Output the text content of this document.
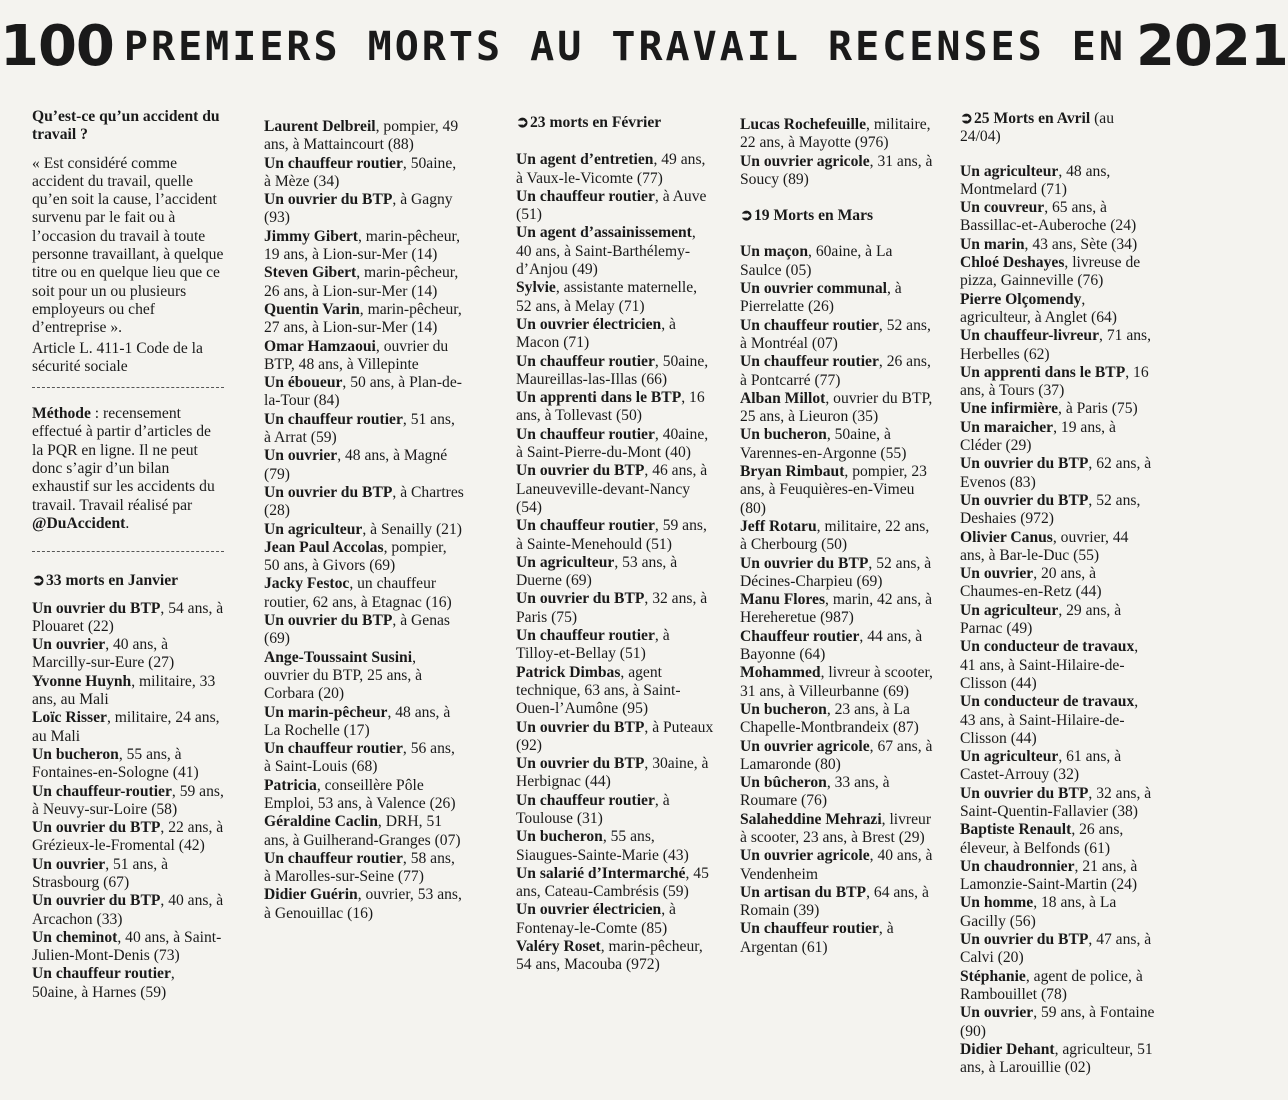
100 PREMIERS MORTS AU TRAVAIL RECENSES EN 2021

Qu’est-ce qu’un accident du travail ?

« Est considéré comme accident du travail, quelle qu’en soit la cause, l’accident survenu par le fait ou à l’occasion du travail à toute personne travaillant, à quelque titre ou en quelque lieu que ce soit pour un ou plusieurs employeurs ou chef d’entreprise ».

Article L. 411-1 Code de la sécurité sociale

Méthode : recensement effectué à partir d’articles de la PQR en ligne. Il ne peut donc s’agir d’un bilan exhaustif sur les accidents du travail. Travail réalisé par @DuAccident.

➲33 morts en Janvier

Un ouvrier du BTP, 54 ans, à Plouaret (22)

Un ouvrier, 40 ans, à Marcilly-sur-Eure (27)

Yvonne Huynh, militaire, 33 ans, au Mali

Loïc Risser, militaire, 24 ans, au Mali

Un bucheron, 55 ans, à Fontaines-en-Sologne (41)

Un chauffeur-routier, 59 ans, à Neuvy-sur-Loire (58)

Un ouvrier du BTP, 22 ans, à Grézieux-le-Fromental (42)

Un ouvrier, 51 ans, à Strasbourg (67)

Un ouvrier du BTP, 40 ans, à Arcachon (33)

Un cheminot, 40 ans, à Saint-Julien-Mont-Denis (73)

Un chauffeur routier, 50aine, à Harnes (59)

Laurent Delbreil, pompier, 49 ans, à Mattaincourt (88)

Un chauffeur routier, 50aine, à Mèze (34)

Un ouvrier du BTP, à Gagny (93)

Jimmy Gibert, marin-pêcheur, 19 ans, à Lion-sur-Mer (14)

Steven Gibert, marin-pêcheur, 26 ans, à Lion-sur-Mer (14)

Quentin Varin, marin-pêcheur, 27 ans, à Lion-sur-Mer (14)

Omar Hamzaoui, ouvrier du BTP, 48 ans, à Villepinte

Un éboueur, 50 ans, à Plan-de-la-Tour (84)

Un chauffeur routier, 51 ans, à Arrat (59)

Un ouvrier, 48 ans, à Magné (79)

Un ouvrier du BTP, à Chartres (28)

Un agriculteur, à Senailly (21)

Jean Paul Accolas, pompier, 50 ans, à Givors (69)

Jacky Festoc, un chauffeur routier, 62 ans, à Etagnac (16)

Un ouvrier du BTP, à Genas (69)

Ange-Toussaint Susini, ouvrier du BTP, 25 ans, à Corbara (20)

Un marin-pêcheur, 48 ans, à La Rochelle (17)

Un chauffeur routier, 56 ans, à Saint-Louis (68)

Patricia, conseillère Pôle Emploi, 53 ans, à Valence (26)

Géraldine Caclin, DRH, 51 ans, à Guilherand-Granges (07)

Un chauffeur routier, 58 ans, à Marolles-sur-Seine (77)

Didier Guérin, ouvrier, 53 ans, à Genouillac (16)

➲23 morts en Février

Un agent d’entretien, 49 ans, à Vaux-le-Vicomte (77)

Un chauffeur routier, à Auve (51)

Un agent d’assainissement, 40 ans, à Saint-Barthélemy-d’Anjou (49)

Sylvie, assistante maternelle, 52 ans, à Melay (71)

Un ouvrier électricien, à Macon (71)

Un chauffeur routier, 50aine, Maureillas-las-Illas (66)

Un apprenti dans le BTP, 16 ans, à Tollevast (50)

Un chauffeur routier, 40aine, à Saint-Pierre-du-Mont (40)

Un ouvrier du BTP, 46 ans, à Laneuveville-devant-Nancy (54)

Un chauffeur routier, 59 ans, à Sainte-Menehould (51)

Un agriculteur, 53 ans, à Duerne (69)

Un ouvrier du BTP, 32 ans, à Paris (75)

Un chauffeur routier, à Tilloy-et-Bellay (51)

Patrick Dimbas, agent technique, 63 ans, à Saint-Ouen-l’Aumône (95)

Un ouvrier du BTP, à Puteaux (92)

Un ouvrier du BTP, 30aine, à Herbignac (44)

Un chauffeur routier, à Toulouse (31)

Un bucheron, 55 ans, Siaugues-Sainte-Marie (43)

Un salarié d’Intermarché, 45 ans, Cateau-Cambrésis (59)

Un ouvrier électricien, à Fontenay-le-Comte (85)

Valéry Roset, marin-pêcheur, 54 ans, Macouba (972)

Lucas Rochefeuille, militaire, 22 ans, à Mayotte (976)

Un ouvrier agricole, 31 ans, à Soucy (89)

➲19 Morts en Mars

Un maçon, 60aine, à La Saulce (05)

Un ouvrier communal, à Pierrelatte (26)

Un chauffeur routier, 52 ans, à Montréal (07)

Un chauffeur routier, 26 ans, à Pontcarré (77)

Alban Millot, ouvrier du BTP, 25 ans, à Lieuron (35)

Un bucheron, 50aine, à Varennes-en-Argonne (55)

Bryan Rimbaut, pompier, 23 ans, à Feuquières-en-Vimeu (80)

Jeff Rotaru, militaire, 22 ans, à Cherbourg (50)

Un ouvrier du BTP, 52 ans, à Décines-Charpieu (69)

Manu Flores, marin, 42 ans, à Hereheretue (987)

Chauffeur routier, 44 ans, à Bayonne (64)

Mohammed, livreur à scooter, 31 ans, à Villeurbanne (69)

Un bucheron, 23 ans, à La Chapelle-Montbrandeix (87)

Un ouvrier agricole, 67 ans, à Lamaronde (80)

Un bûcheron, 33 ans, à Roumare (76)

Salaheddine Mehrazi, livreur à scooter, 23 ans, à Brest (29)

Un ouvrier agricole, 40 ans, à Vendenheim

Un artisan du BTP, 64 ans, à Romain (39)

Un chauffeur routier, à Argentan (61)

➲25 Morts en Avril (au 24/04)

Un agriculteur, 48 ans, Montmelard (71)

Un couvreur, 65 ans, à Bassillac-et-Auberoche (24)

Un marin, 43 ans, Sète (34)

Chloé Deshayes, livreuse de pizza, Gainneville (76)

Pierre Olçomendy, agriculteur, à Anglet (64)

Un chauffeur-livreur, 71 ans, Herbelles (62)

Un apprenti dans le BTP, 16 ans, à Tours (37)

Une infirmière, à Paris (75)

Un maraicher, 19 ans, à Cléder (29)

Un ouvrier du BTP, 62 ans, à Evenos (83)

Un ouvrier du BTP, 52 ans, Deshaies (972)

Olivier Canus, ouvrier, 44 ans, à Bar-le-Duc (55)

Un ouvrier, 20 ans, à Chaumes-en-Retz (44)

Un agriculteur, 29 ans, à Parnac (49)

Un conducteur de travaux, 41 ans, à Saint-Hilaire-de-Clisson (44)

Un conducteur de travaux, 43 ans, à Saint-Hilaire-de-Clisson (44)

Un agriculteur, 61 ans, à Castet-Arrouy (32)

Un ouvrier du BTP, 32 ans, à Saint-Quentin-Fallavier (38)

Baptiste Renault, 26 ans, éleveur, à Belfonds (61)

Un chaudronnier, 21 ans, à Lamonzie-Saint-Martin (24)

Un homme, 18 ans, à La Gacilly (56)

Un ouvrier du BTP, 47 ans, à Calvi (20)

Stéphanie, agent de police, à Rambouillet (78)

Un ouvrier, 59 ans, à Fontaine (90)

Didier Dehant, agriculteur, 51 ans, à Larouillie (02)
